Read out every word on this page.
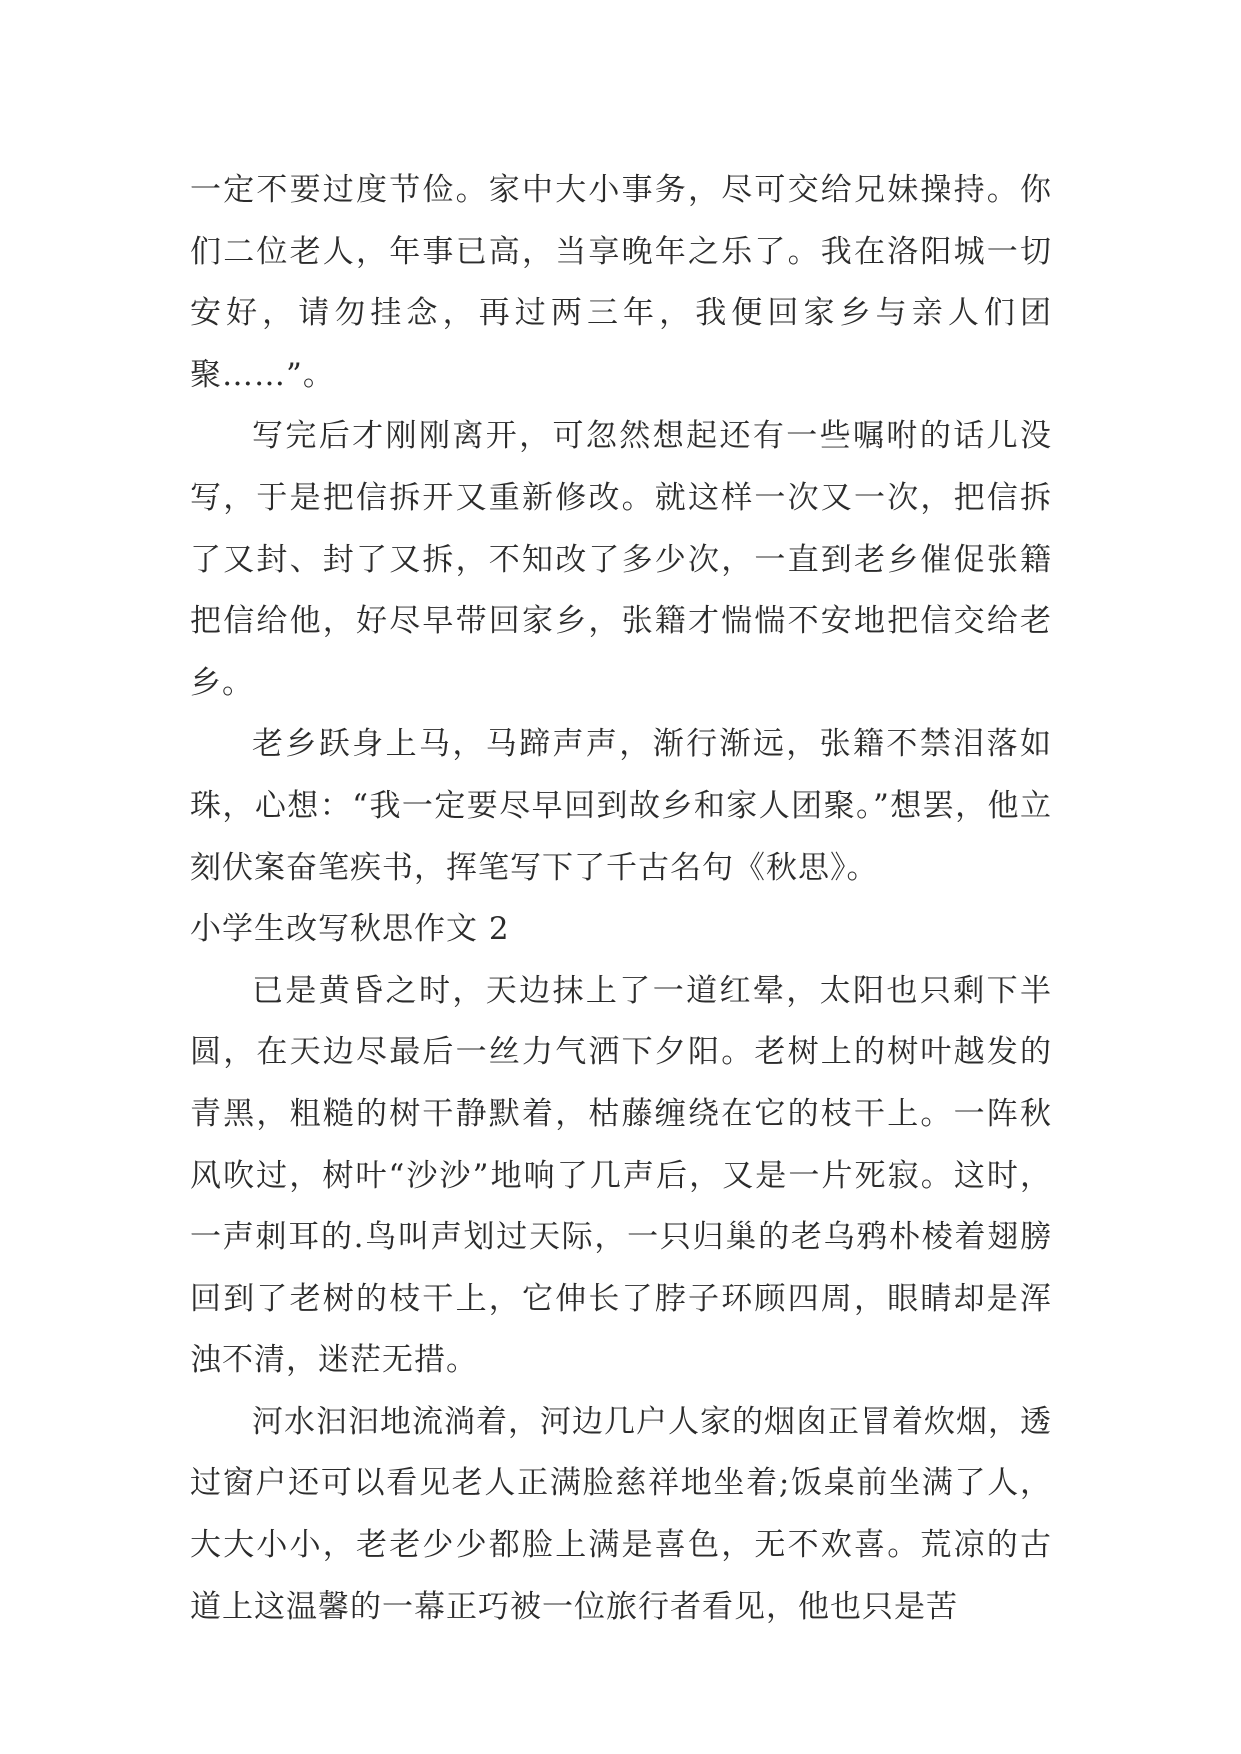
一定不要过度节俭。家中大小事务，尽可交给兄妹操持。你们二位老人，年事已高，当享晚年之乐了。我在洛阳城一切安好，请勿挂念，再过两三年，我便回家乡与亲人们团聚……”。

写完后才刚刚离开，可忽然想起还有一些嘱咐的话儿没写，于是把信拆开又重新修改。就这样一次又一次，把信拆了又封、封了又拆，不知改了多少次，一直到老乡催促张籍把信给他，好尽早带回家乡，张籍才惴惴不安地把信交给老乡。

老乡跃身上马，马蹄声声，渐行渐远，张籍不禁泪落如珠，心想：“我一定要尽早回到故乡和家人团聚。”想罢，他立刻伏案奋笔疾书，挥笔写下了千古名句《秋思》。

小学生改写秋思作文 2

已是黄昏之时，天边抹上了一道红晕，太阳也只剩下半圆，在天边尽最后一丝力气洒下夕阳。老树上的树叶越发的青黑，粗糙的树干静默着，枯藤缠绕在它的枝干上。一阵秋风吹过，树叶“沙沙”地响了几声后，又是一片死寂。这时，一声刺耳的.鸟叫声划过天际，一只归巢的老乌鸦朴棱着翅膀回到了老树的枝干上，它伸长了脖子环顾四周，眼睛却是浑浊不清，迷茫无措。

河水汩汩地流淌着，河边几户人家的烟囱正冒着炊烟，透过窗户还可以看见老人正满脸慈祥地坐着;饭桌前坐满了人，大大小小，老老少少都脸上满是喜色，无不欢喜。荒凉的古道上这温馨的一幕正巧被一位旅行者看见，他也只是苦
